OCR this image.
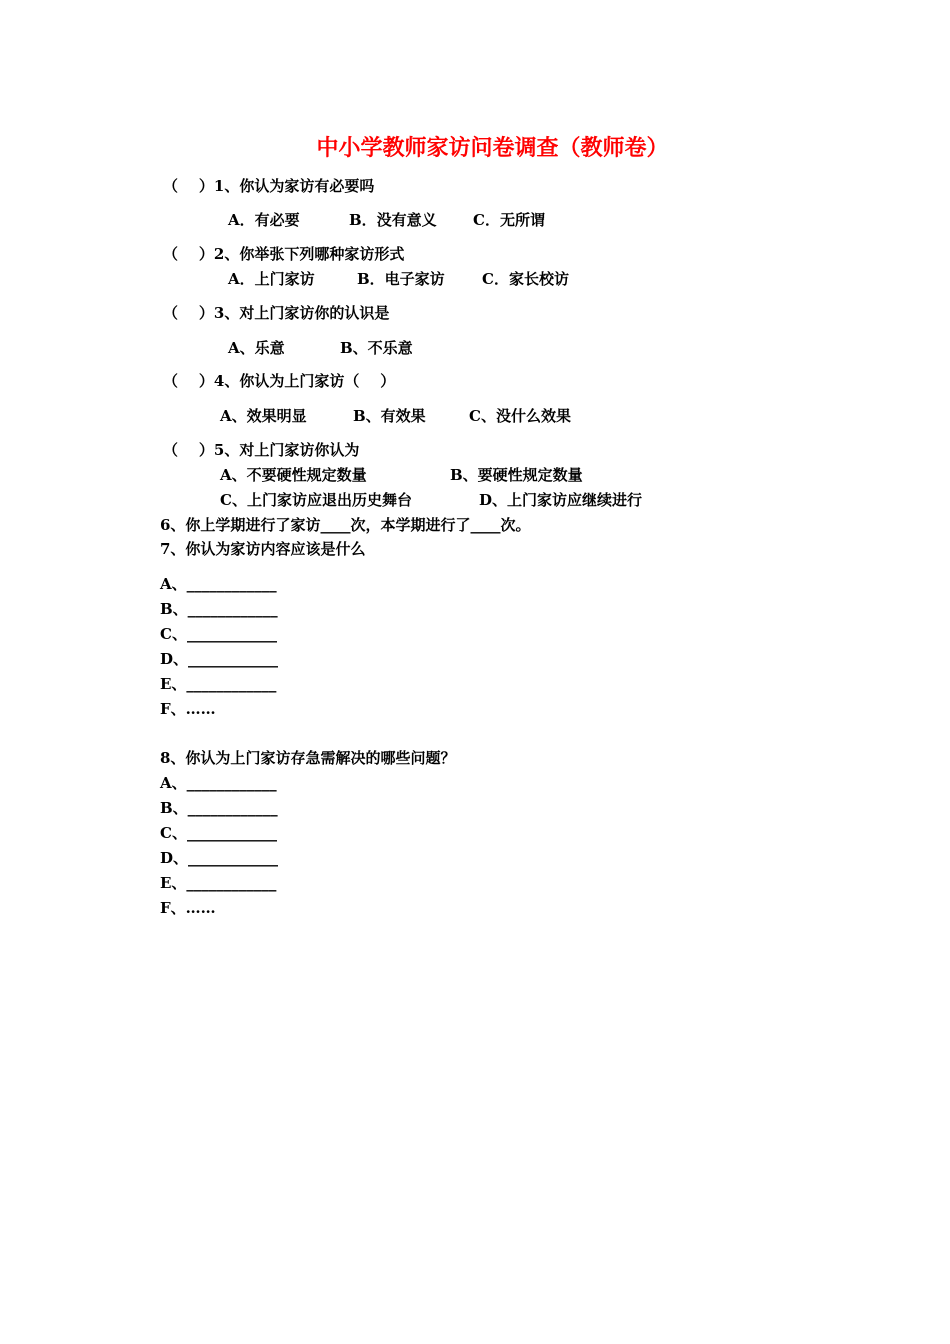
中小学教师家访问卷调查（教师卷）
（    ）1、你认为家访有必要吗
A．有必要	B．没有意义 C．无所谓
（    ）2、你举张下列哪种家访形式
A．上门家访	B．电子家访 C．家长校访
（    ）3、对上门家访你的认识是
A、乐意	B、不乐意
（    ）4、你认为上门家访（    ）
A、效果明显	B、有效果	C、没什么效果
（    ）5、对上门家访你认为
A、不要硬性规定数量	B、要硬性规定数量
C、上门家访应退出历史舞台	D、上门家访应继续进行
6、你上学期进行了家访____次，本学期进行了____次。
7、你认为家访内容应该是什么
A、____________
B、____________
C、____________
D、____________
E、____________
F、……
8、你认为上门家访存急需解决的哪些问题？
A、____________
B、____________
C、____________
D、____________
E、____________
F、……
